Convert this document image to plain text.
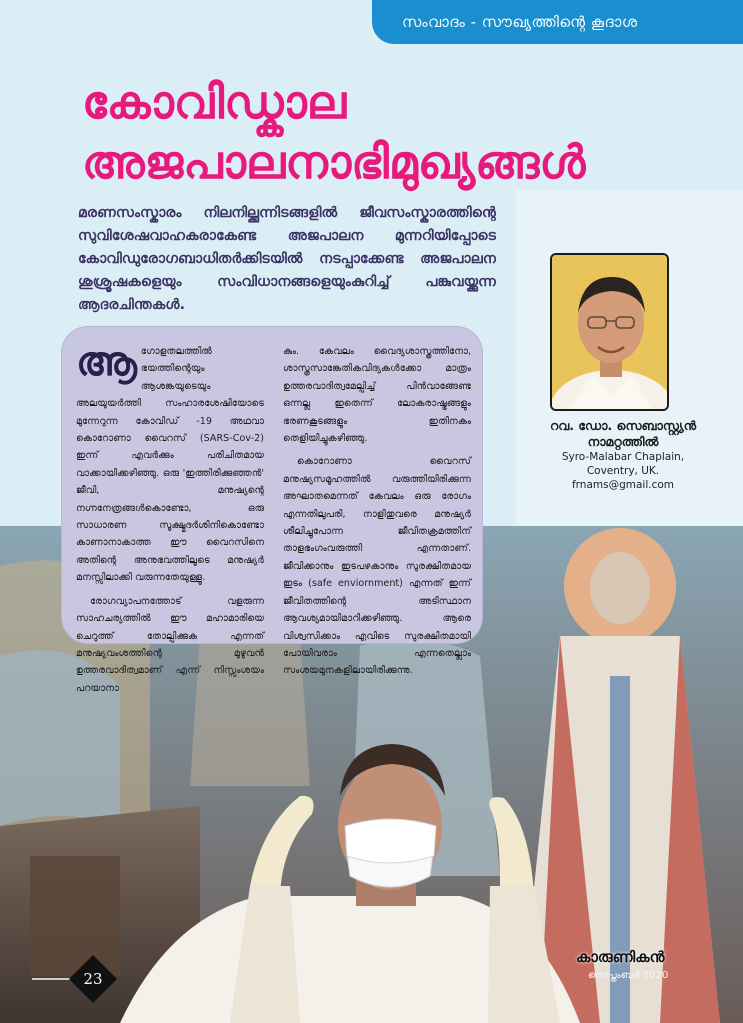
സംവാദം - സൗഖ്യത്തിന്റെ കൂദാശ
കോവിഡ്കാല
അജപാലനാഭിമുഖ്യങ്ങൾ

മരണസംസ്കാരം നിലനില്ക്കുന്നിടങ്ങളിൽ ജീവസംസ്കാരത്തിന്റെ സുവിശേഷവാഹകരാകേണ്ട അജപാലന മുന്നറിയിപ്പോടെ കോവിഡുരോഗബാധിതർക്കിടയിൽ നടപ്പാക്കേണ്ട അജപാലന ശുശ്രൂഷകളെയും സംവിധാനങ്ങളെയുംകുറിച്ച് പങ്കുവയ്ക്കുന്ന ആദരചിന്തകൾ.

റവ. ഡോ. സെബാസ്റ്റ്യൻ
നാമറ്റത്തിൽ
Syro-Malabar Chaplain,
Coventry, UK.
frnams@gmail.com

ആഗോളതലത്തിൽ ഭയത്തിന്റെയും ആശങ്കയുടെയും അലയുയർത്തി സംഹാരശേഷിയോടെ മുന്നേറുന്ന കോവിഡ് -19 അഥവാ കൊറോണാ വൈറസ് (SARS-Cov-2) ഇന്ന് എവർക്കും പരിചിതമായ വാക്കായിക്കഴിഞ്ഞു. ഒരു 'ഇത്തിരിക്കുഞ്ഞൻ' ജീവി, മനുഷ്യന്റെ നഗ്നനേത്രങ്ങൾകൊണ്ടോ, ഒരു സാധാരണ സൂക്ഷ്മദർശിനികൊണ്ടോ കാണാനാകാത്ത ഈ വൈറസിനെ അതിന്റെ അനുഭവത്തിലൂടെ മനുഷ്യർ മനസ്സിലാക്കി വരുന്നതേയുള്ളൂ.

രോഗവ്യാപനത്തോട് വളരുന്ന സാഹചര്യത്തിൽ ഈ മഹാമാരിയെ ചെറുത്ത് തോല്പിക്കുക എന്നത് മനുഷ്യവംശത്തിന്റെ മുഴുവൻ ഉത്തരവാദിത്വമാണ് എന്ന് നിസ്സംശയം പറയാനാ

കും. കേവലം വൈദ്യശാസ്ത്രത്തിനോ, ശാസ്ത്രസാങ്കേതികവിദ്യകൾക്കോ മാത്രം ഉത്തരവാദിത്വമേല്പിച്ച് പിൻവാങ്ങേണ്ട ഒന്നല്ല ഇതെന്ന് ലോകരാഷ്ട്രങ്ങളും ഭരണകൂടങ്ങളും ഇതിനകം തെളിയിച്ചുകഴിഞ്ഞു.

കൊറോണാ വൈറസ് മനുഷ്യസമൂഹത്തിൽ വരുത്തിയിരിക്കുന്ന അഘാതമെന്നത് കേവലം ഒരു രോഗം എന്നതിലുപരി, നാളിതുവരെ മനുഷ്യർ ശീലിച്ചുപോന്ന ജീവിതക്രമത്തിന് താളഭംഗംവരുത്തി എന്നതാണ്. ജീവിക്കാനും ഇടപഴകാനും സുരക്ഷിതമായ ഇടം (safe enviornment) എന്നത് ഇന്ന് ജീവിതത്തിന്റെ അടിസ്ഥാന ആവശ്യമായിമാറിക്കഴിഞ്ഞു. ആരെ വിശ്വസിക്കാം എവിടെ സുരക്ഷിതമായി പോയിവരാം എന്നതെല്ലാം സംശയമുനകളിലായിരിക്കുന്നു.

23
കാരുണികൻ
സെപ്തംബർ 2020
